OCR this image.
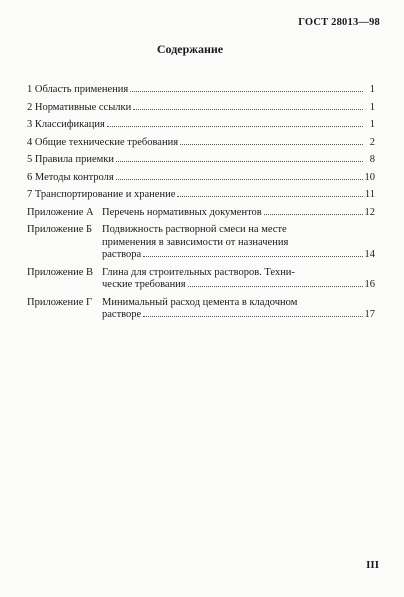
ГОСТ 28013—98
Содержание
1 Область применения	1
2 Нормативные ссылки	1
3 Классификация	1
4 Общие технические требования	2
5 Правила приемки	8
6 Методы контроля	10
7 Транспортирование и хранение	11
Приложение А Перечень нормативных документов	12
Приложение Б Подвижность растворной смеси на месте
применения в зависимости от назначения
раствора	14
Приложение В Глина для строительных растворов. Техни-
ческие требования	16
Приложение Г Минимальный расход цемента в кладочном
растворе	17
III
